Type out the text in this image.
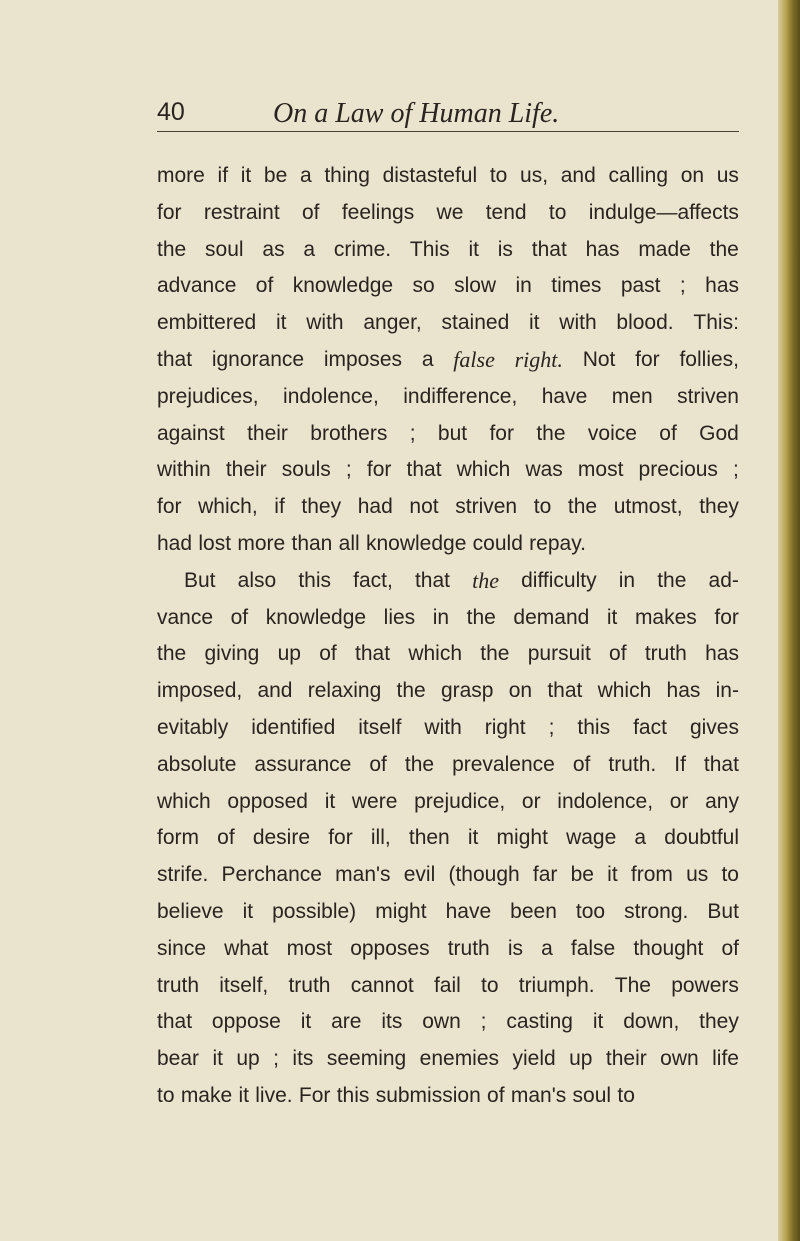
40	On a Law of Human Life.
more if it be a thing distasteful to us, and calling on us
for restraint of feelings we tend to indulge—affects
the soul as a crime. This it is that has made the
advance of knowledge so slow in times past ; has
embittered it with anger, stained it with blood. This:
that ignorance imposes a false right. Not for follies,
prejudices, indolence, indifference, have men striven
against their brothers ; but for the voice of God
within their souls ; for that which was most precious ;
for which, if they had not striven to the utmost, they
had lost more than all knowledge could repay.
But also this fact, that the difficulty in the ad-
vance of knowledge lies in the demand it makes for
the giving up of that which the pursuit of truth has
imposed, and relaxing the grasp on that which has in-
evitably identified itself with right ; this fact gives
absolute assurance of the prevalence of truth. If that
which opposed it were prejudice, or indolence, or any
form of desire for ill, then it might wage a doubtful
strife. Perchance man's evil (though far be it from us to
believe it possible) might have been too strong. But
since what most opposes truth is a false thought of
truth itself, truth cannot fail to triumph. The powers
that oppose it are its own ; casting it down, they
bear it up ; its seeming enemies yield up their own life
to make it live. For this submission of man's soul to
